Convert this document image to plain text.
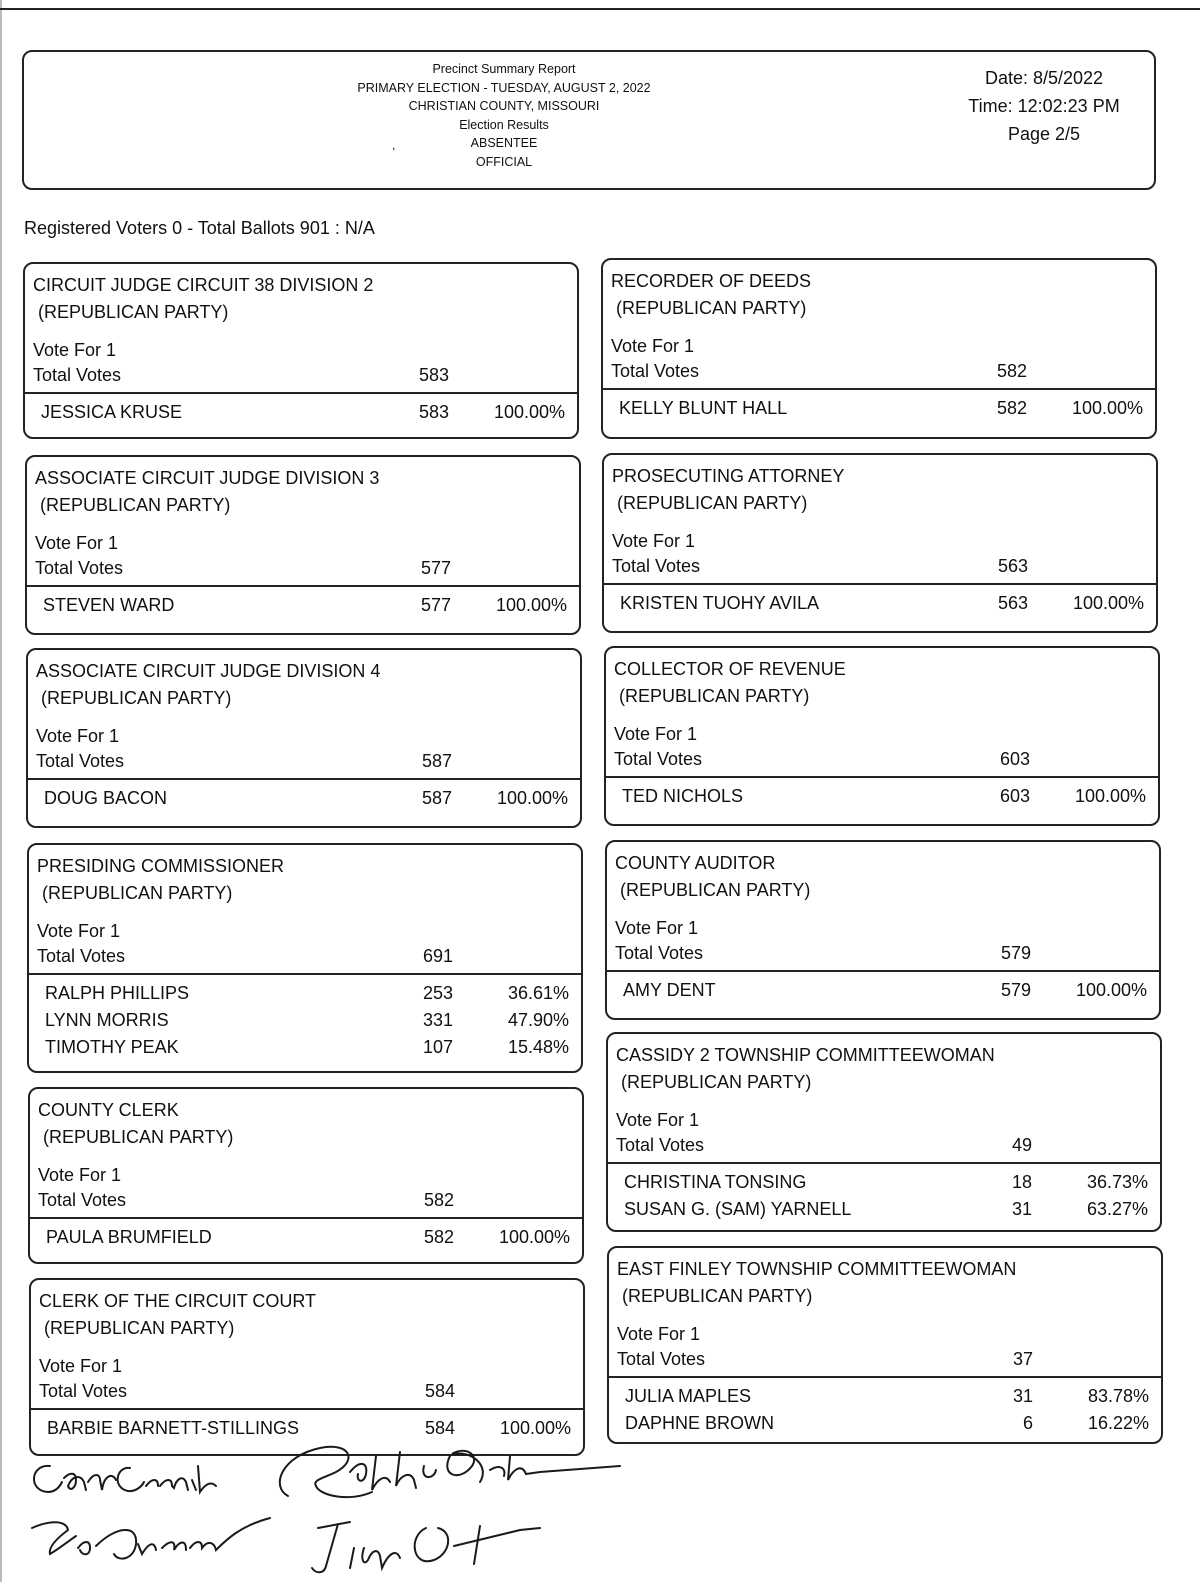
Precinct Summary Report
PRIMARY ELECTION - TUESDAY, AUGUST 2, 2022
CHRISTIAN COUNTY, MISSOURI
Election Results
ABSENTEE
OFFICIAL
,
Date: 8/5/2022
Time: 12:02:23 PM
Page 2/5
Registered Voters 0 - Total Ballots 901 : N/A
CIRCUIT JUDGE CIRCUIT 38 DIVISION 2
(REPUBLICAN PARTY)
Vote For 1
Total Votes	583
JESSICA KRUSE	583	100.00%
ASSOCIATE CIRCUIT JUDGE DIVISION 3
(REPUBLICAN PARTY)
Vote For 1
Total Votes	577
STEVEN WARD	577	100.00%
ASSOCIATE CIRCUIT JUDGE DIVISION 4
(REPUBLICAN PARTY)
Vote For 1
Total Votes	587
DOUG BACON	587	100.00%
PRESIDING COMMISSIONER
(REPUBLICAN PARTY)
Vote For 1
Total Votes	691
RALPH PHILLIPS	253	36.61%
LYNN MORRIS	331	47.90%
TIMOTHY PEAK	107	15.48%
COUNTY CLERK
(REPUBLICAN PARTY)
Vote For 1
Total Votes	582
PAULA BRUMFIELD	582	100.00%
CLERK OF THE CIRCUIT COURT
(REPUBLICAN PARTY)
Vote For 1
Total Votes	584
BARBIE BARNETT-STILLINGS	584	100.00%
RECORDER OF DEEDS
(REPUBLICAN PARTY)
Vote For 1
Total Votes	582
KELLY BLUNT HALL	582	100.00%
PROSECUTING ATTORNEY
(REPUBLICAN PARTY)
Vote For 1
Total Votes	563
KRISTEN TUOHY AVILA	563	100.00%
COLLECTOR OF REVENUE
(REPUBLICAN PARTY)
Vote For 1
Total Votes	603
TED NICHOLS	603	100.00%
COUNTY AUDITOR
(REPUBLICAN PARTY)
Vote For 1
Total Votes	579
AMY DENT	579	100.00%
CASSIDY 2 TOWNSHIP COMMITTEEWOMAN
(REPUBLICAN PARTY)
Vote For 1
Total Votes	49
CHRISTINA TONSING	18	36.73%
SUSAN G. (SAM) YARNELL	31	63.27%
EAST FINLEY TOWNSHIP COMMITTEEWOMAN
(REPUBLICAN PARTY)
Vote For 1
Total Votes	37
JULIA MAPLES	31	83.78%
DAPHNE BROWN	6	16.22%
